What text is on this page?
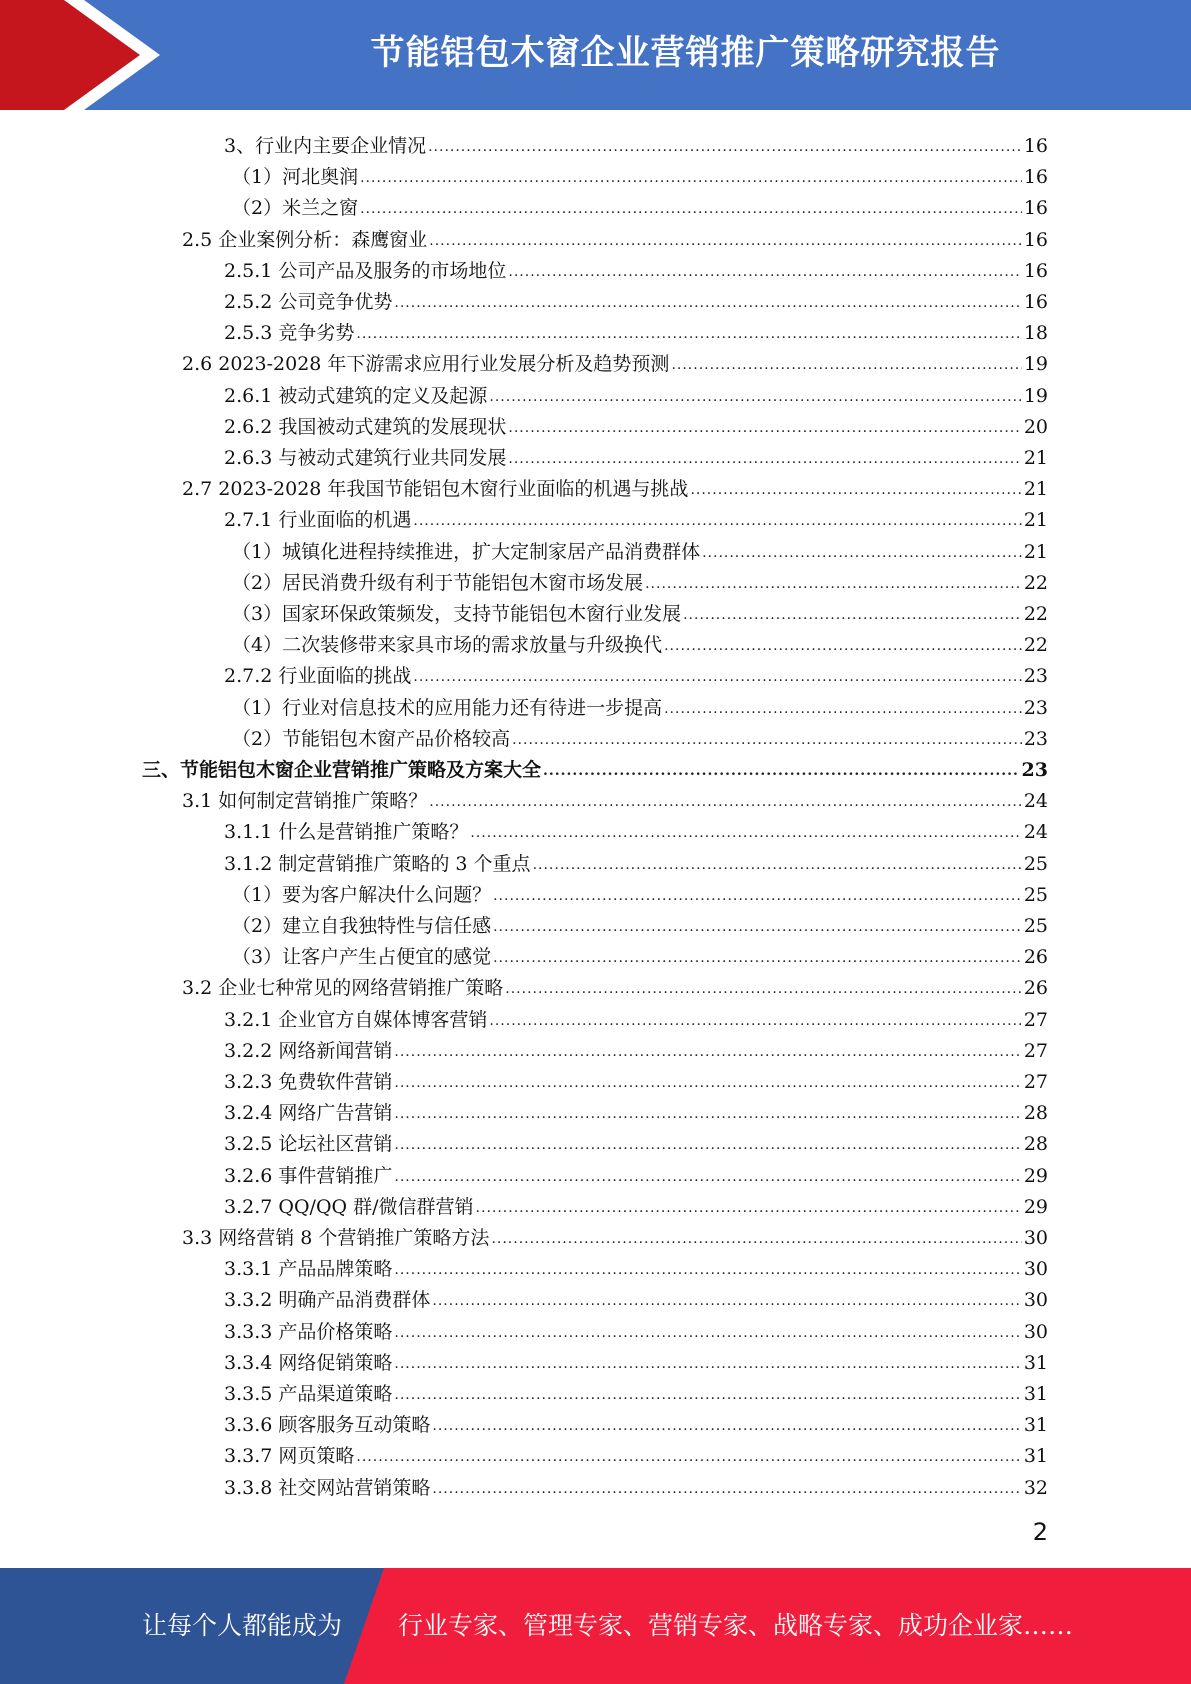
节能铝包木窗企业营销推广策略研究报告
3、行业内主要企业情况 .....	16
（1）河北奥润 .....	16
（2）米兰之窗 .....	16
2.5 企业案例分析：森鹰窗业 .....	16
2.5.1 公司产品及服务的市场地位 .....	16
2.5.2 公司竞争优势 .....	16
2.5.3 竞争劣势 .....	18
2.6 2023-2028 年下游需求应用行业发展分析及趋势预测 .....	19
2.6.1 被动式建筑的定义及起源 .....	19
2.6.2 我国被动式建筑的发展现状 .....	20
2.6.3 与被动式建筑行业共同发展 .....	21
2.7 2023-2028 年我国节能铝包木窗行业面临的机遇与挑战 .....	21
2.7.1 行业面临的机遇 .....	21
（1）城镇化进程持续推进，扩大定制家居产品消费群体 .....	21
（2）居民消费升级有利于节能铝包木窗市场发展 .....	22
（3）国家环保政策频发，支持节能铝包木窗行业发展 .....	22
（4）二次装修带来家具市场的需求放量与升级换代 .....	22
2.7.2 行业面临的挑战 .....	23
（1）行业对信息技术的应用能力还有待进一步提高 .....	23
（2）节能铝包木窗产品价格较高 .....	23
三、节能铝包木窗企业营销推广策略及方案大全 .....	23
3.1 如何制定营销推广策略？ .....	24
3.1.1 什么是营销推广策略？ .....	24
3.1.2 制定营销推广策略的 3 个重点 .....	25
（1）要为客户解决什么问题？ .....	25
（2）建立自我独特性与信任感 .....	25
（3）让客户产生占便宜的感觉 .....	26
3.2 企业七种常见的网络营销推广策略 .....	26
3.2.1 企业官方自媒体博客营销 .....	27
3.2.2 网络新闻营销 .....	27
3.2.3 免费软件营销 .....	27
3.2.4 网络广告营销 .....	28
3.2.5 论坛社区营销 .....	28
3.2.6 事件营销推广 .....	29
3.2.7 QQ/QQ 群/微信群营销 .....	29
3.3 网络营销 8 个营销推广策略方法 .....	30
3.3.1 产品品牌策略 .....	30
3.3.2 明确产品消费群体 .....	30
3.3.3 产品价格策略 .....	30
3.3.4 网络促销策略 .....	31
3.3.5 产品渠道策略 .....	31
3.3.6 顾客服务互动策略 .....	31
3.3.7 网页策略 .....	31
3.3.8 社交网站营销策略 .....	32
2
让每个人都能成为 行业专家、管理专家、营销专家、战略专家、成功企业家……
